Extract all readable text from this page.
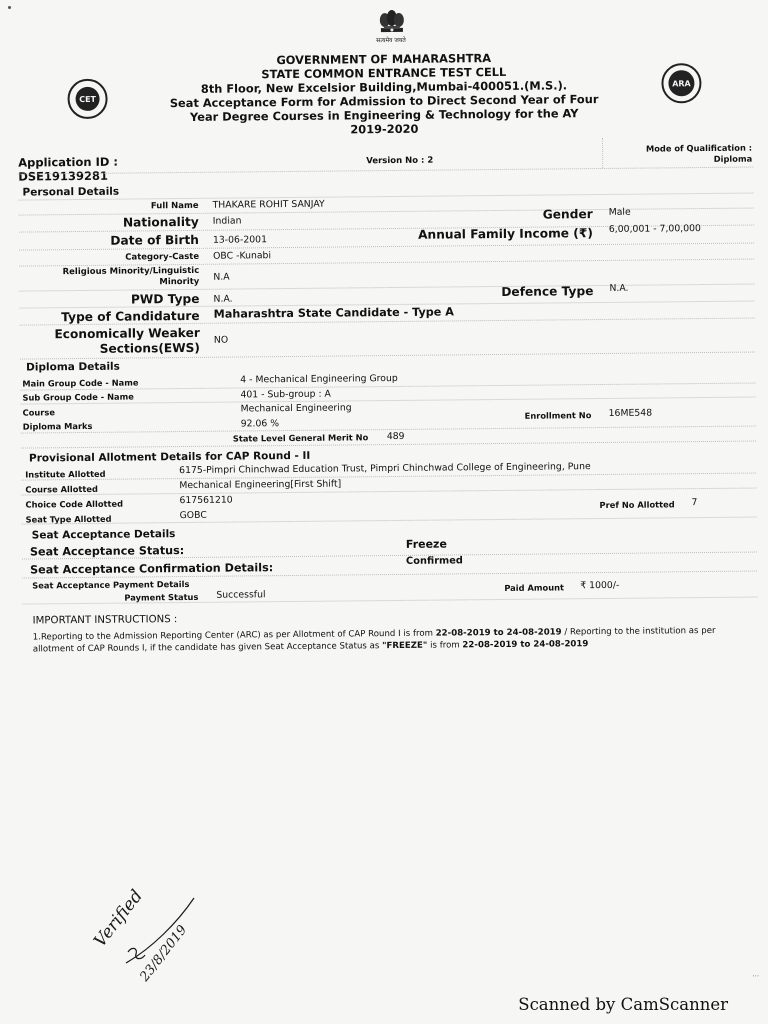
सत्यमेव जयते
CET
ARA
GOVERNMENT OF MAHARASHTRA
STATE COMMON ENTRANCE TEST CELL
8th Floor, New Excelsior Building,Mumbai-400051.(M.S.).
Seat Acceptance Form for Admission to Direct Second Year of Four
Year Degree Courses in Engineering & Technology for the AY
2019-2020
Application ID :
DSE19139281
Version No : 2
Mode of Qualification :
Diploma
Personal Details
Full Name THAKARE ROHIT SANJAY
Nationality Indian	Gender Male
Date of Birth 13-06-2001	Annual Family Income (₹) 6,00,001 - 7,00,000
Category-Caste OBC -Kunabi
Religious Minority/Linguistic
Minority N.A
PWD Type N.A.
Defence Type N.A.
Type of Candidature Maharashtra State Candidate - Type A
Economically Weaker
Sections(EWS)
NO
Diploma Details
Main Group Code - Name	4 - Mechanical Engineering Group
Sub Group Code - Name	401 - Sub-group : A
Course	Mechanical Engineering
Diploma Marks	92.06 %
Enrollment No 16ME548
State Level General Merit No 489
Provisional Allotment Details for CAP Round - II
Institute Allotted	6175-Pimpri Chinchwad Education Trust, Pimpri Chinchwad College of Engineering, Pune
Course Allotted	Mechanical Engineering[First Shift]
Choice Code Allotted	617561210
Seat Type Allotted	GOBC
Pref No Allotted 7
Seat Acceptance Details
Seat Acceptance Status:	Freeze
Seat Acceptance Confirmation Details:
Confirmed
Seat Acceptance Payment Details
Payment Status Successful
Paid Amount ₹ 1000/-
IMPORTANT INSTRUCTIONS :
1.Reporting to the Admission Reporting Center (ARC) as per Allotment of CAP Round I is from 22-08-2019 to 24-08-2019 / Reporting to the institution as per allotment of CAP Rounds I, if the candidate has given Seat Acceptance Status as "FREEZE" is from 22-08-2019 to 24-08-2019
Verified
23/8/2019	⋮
Scanned by CamScanner
